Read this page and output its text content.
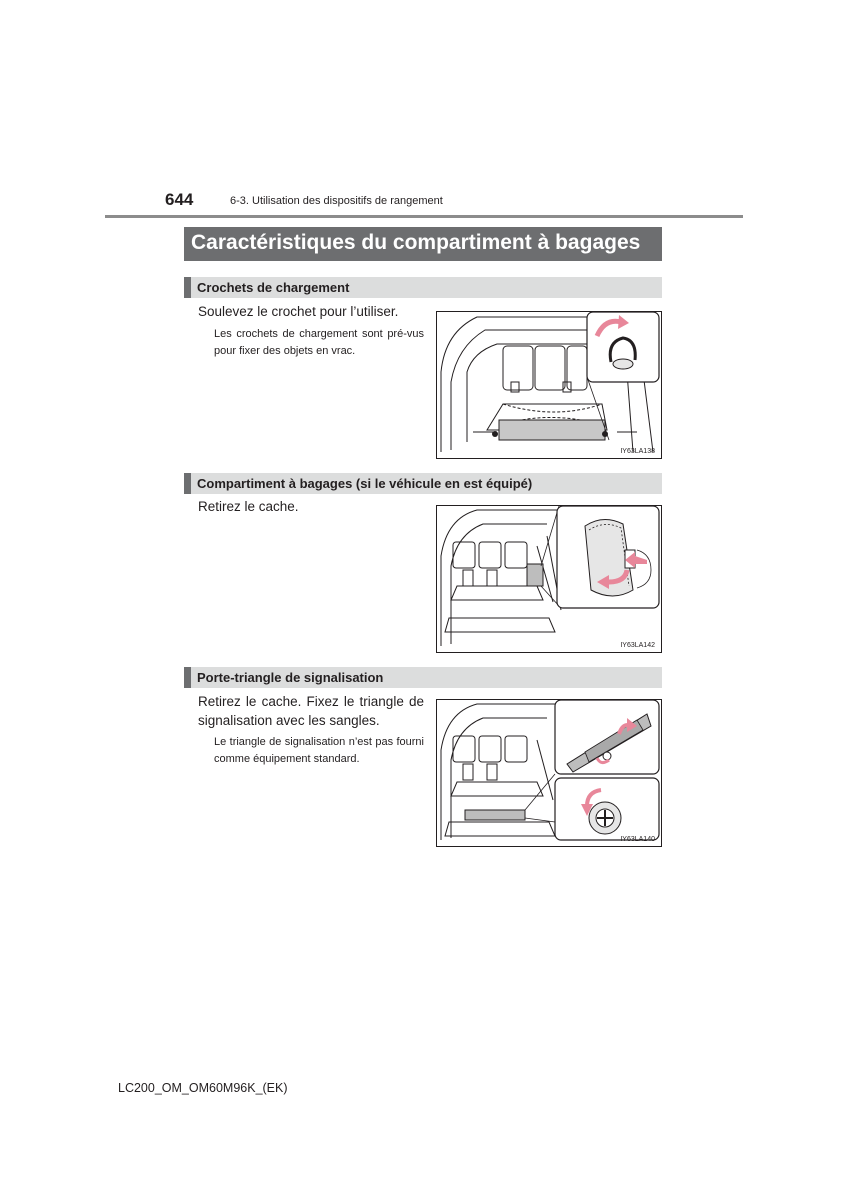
644	6-3. Utilisation des dispositifs de rangement
Caractéristiques du compartiment à bagages
Crochets de chargement
Soulevez le crochet pour l’utiliser.
Les crochets de chargement sont pré-vus pour fixer des objets en vrac.
IY63LA138
Compartiment à bagages (si le véhicule en est équipé)
Retirez le cache.
IY63LA142
Porte-triangle de signalisation
Retirez le cache. Fixez le triangle de signalisation avec les sangles.
Le triangle de signalisation n’est pas fourni comme équipement standard.
IY63LA140
LC200_OM_OM60M96K_(EK)
